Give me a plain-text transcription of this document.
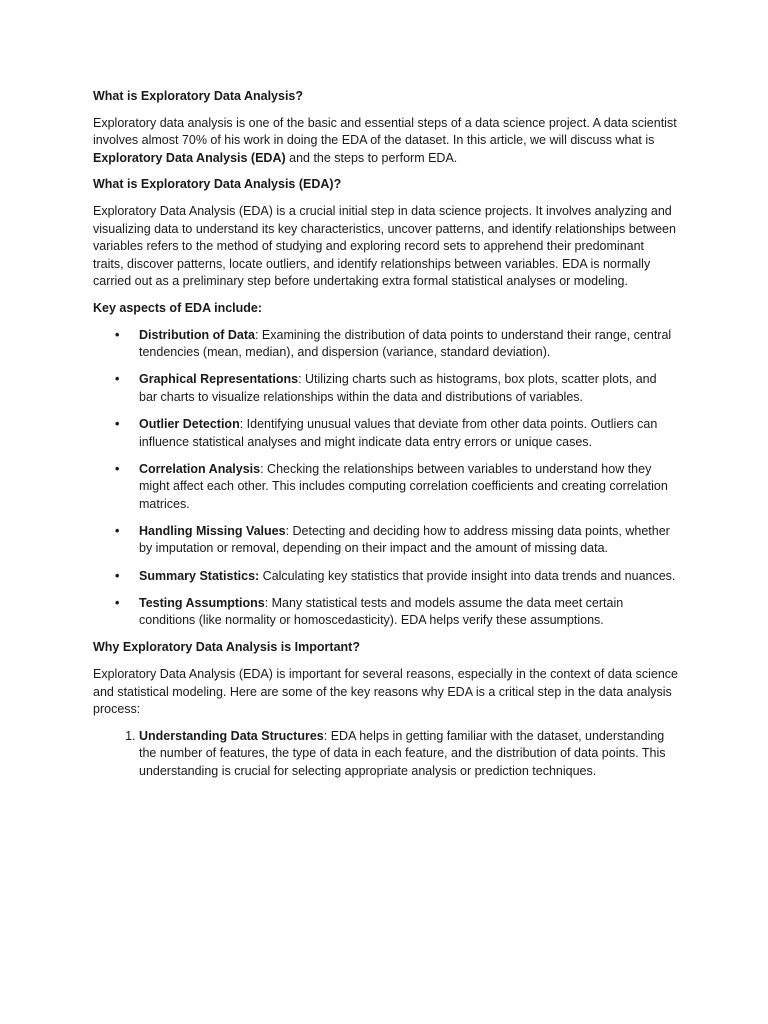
What is Exploratory Data Analysis?

Exploratory data analysis is one of the basic and essential steps of a data science project. A data scientist involves almost 70% of his work in doing the EDA of the dataset. In this article, we will discuss what is Exploratory Data Analysis (EDA) and the steps to perform EDA.

What is Exploratory Data Analysis (EDA)?

Exploratory Data Analysis (EDA) is a crucial initial step in data science projects. It involves analyzing and visualizing data to understand its key characteristics, uncover patterns, and identify relationships between variables refers to the method of studying and exploring record sets to apprehend their predominant traits, discover patterns, locate outliers, and identify relationships between variables. EDA is normally carried out as a preliminary step before undertaking extra formal statistical analyses or modeling.

Key aspects of EDA include:
• Distribution of Data: Examining the distribution of data points to understand their range, central tendencies (mean, median), and dispersion (variance, standard deviation).
• Graphical Representations: Utilizing charts such as histograms, box plots, scatter plots, and bar charts to visualize relationships within the data and distributions of variables.
• Outlier Detection: Identifying unusual values that deviate from other data points. Outliers can influence statistical analyses and might indicate data entry errors or unique cases.
• Correlation Analysis: Checking the relationships between variables to understand how they might affect each other. This includes computing correlation coefficients and creating correlation matrices.
• Handling Missing Values: Detecting and deciding how to address missing data points, whether by imputation or removal, depending on their impact and the amount of missing data.
• Summary Statistics: Calculating key statistics that provide insight into data trends and nuances.
• Testing Assumptions: Many statistical tests and models assume the data meet certain conditions (like normality or homoscedasticity). EDA helps verify these assumptions.
Why Exploratory Data Analysis is Important?

Exploratory Data Analysis (EDA) is important for several reasons, especially in the context of data science and statistical modeling. Here are some of the key reasons why EDA is a critical step in the data analysis process:

1. Understanding Data Structures: EDA helps in getting familiar with the dataset, understanding the number of features, the type of data in each feature, and the distribution of data points. This understanding is crucial for selecting appropriate analysis or prediction techniques.
